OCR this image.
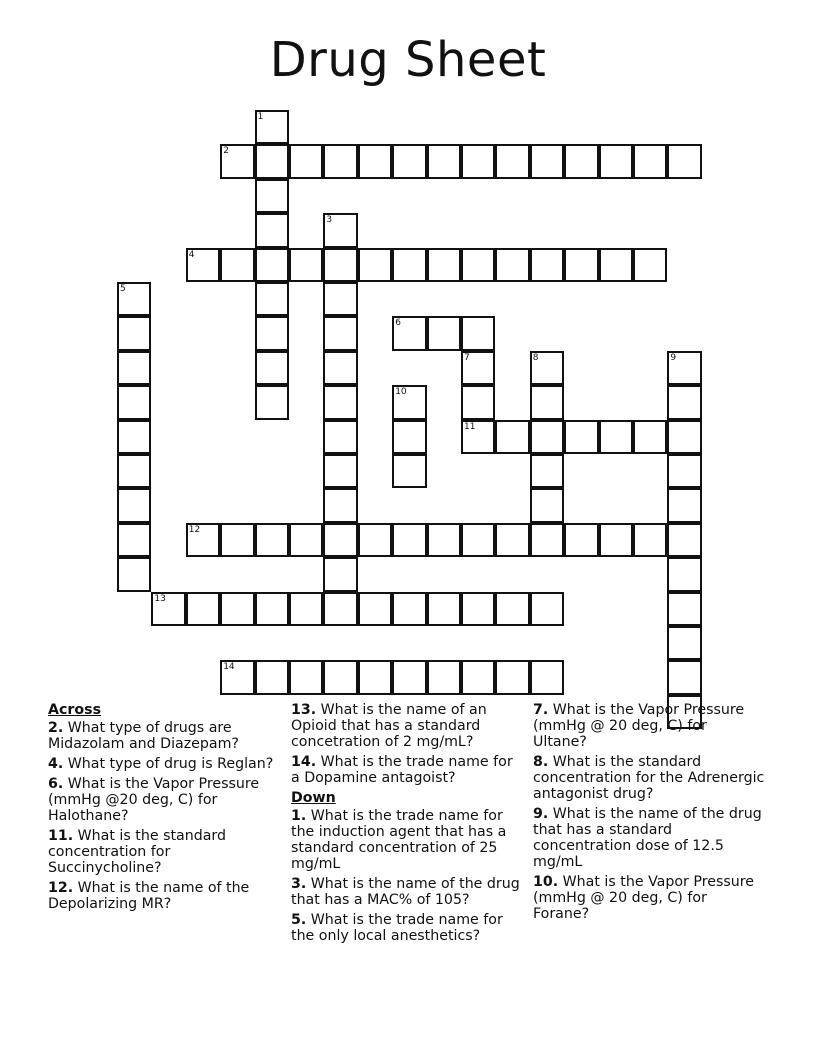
Drug Sheet
1
2
3
4
5
6
7
11
8	9
10
12
13
14
Across
2. What type of drugs are Midazolam and Diazepam?
4. What type of drug is Reglan?
6. What is the Vapor Pressure (mmHg @20 deg, C) for Halothane?
11. What is the standard concentration for Succinycholine?
12. What is the name of the Depolarizing MR?
13. What is the name of an Opioid that has a standard concetration of 2 mg/mL?
14. What is the trade name for a Dopamine antagoist?
Down
1. What is the trade name for the induction agent that has a standard concentration of 25 mg/mL
3. What is the name of the drug that has a MAC% of 105?
5. What is the trade name for the only local anesthetics?
7. What is the Vapor Pressure (mmHg @ 20 deg, C) for Ultane?
8. What is the standard concentration for the Adrenergic antagonist drug?
9. What is the name of the drug that has a standard concentration dose of 12.5 mg/mL
10. What is the Vapor Pressure (mmHg @ 20 deg, C) for Forane?
